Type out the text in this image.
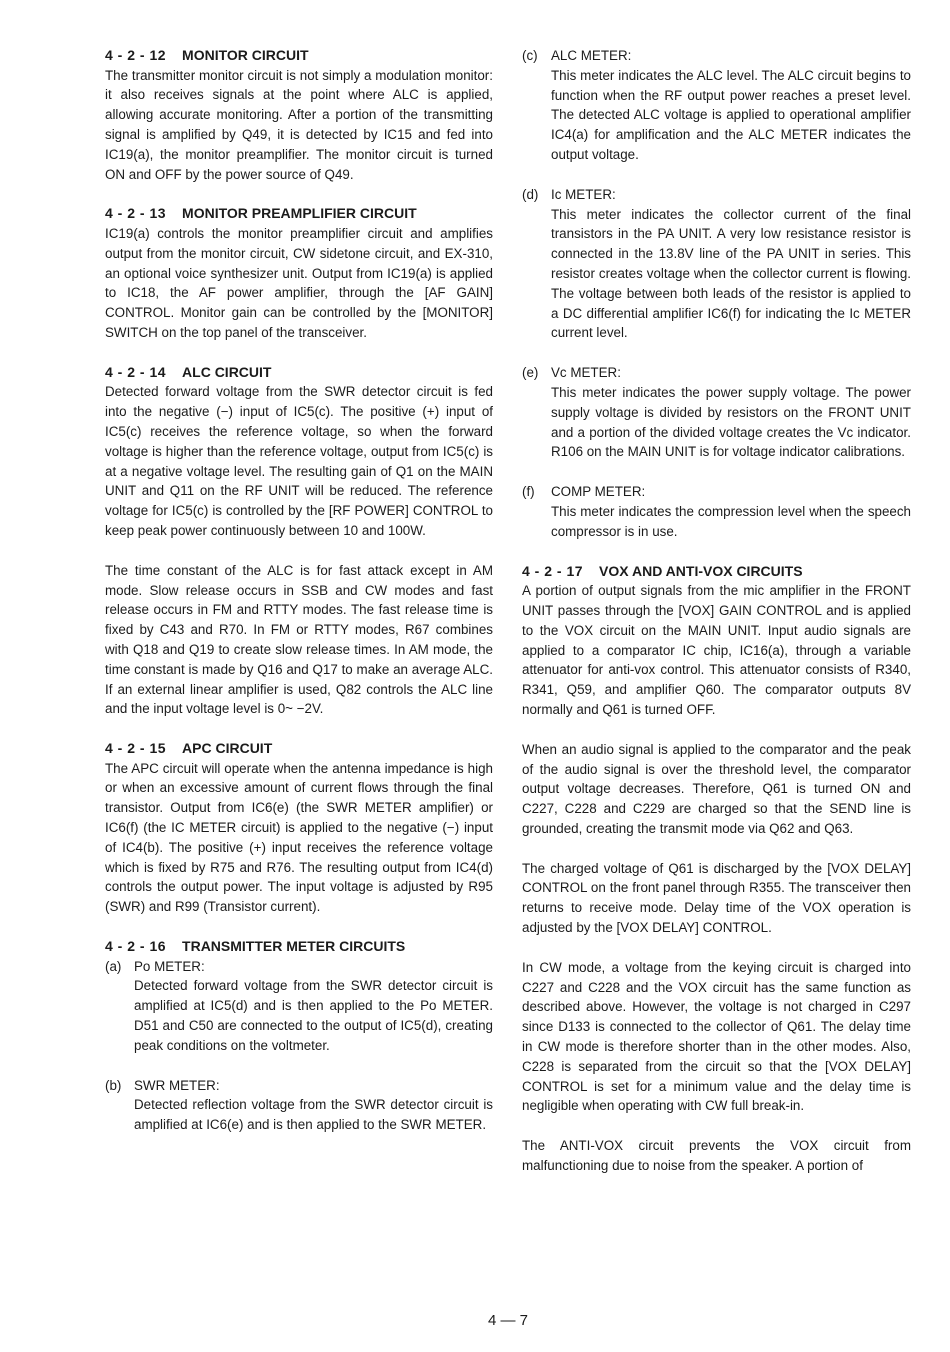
4 - 2 - 12 MONITOR CIRCUIT

The transmitter monitor circuit is not simply a modulation monitor: it also receives signals at the point where ALC is applied, allowing accurate monitoring. After a portion of the transmitting signal is amplified by Q49, it is detected by IC15 and fed into IC19(a), the monitor preamplifier. The monitor circuit is turned ON and OFF by the power source of Q49.

4 - 2 - 13 MONITOR PREAMPLIFIER CIRCUIT

IC19(a) controls the monitor preamplifier circuit and amplifies output from the monitor circuit, CW sidetone circuit, and EX-310, an optional voice synthesizer unit. Output from IC19(a) is applied to IC18, the AF power amplifier, through the [AF GAIN] CONTROL. Monitor gain can be controlled by the [MONITOR] SWITCH on the top panel of the transceiver.

4 - 2 - 14 ALC CIRCUIT

Detected forward voltage from the SWR detector circuit is fed into the negative (−) input of IC5(c). The positive (+) input of IC5(c) receives the reference voltage, so when the forward voltage is higher than the reference voltage, output from IC5(c) is at a negative voltage level. The resulting gain of Q1 on the MAIN UNIT and Q11 on the RF UNIT will be reduced. The reference voltage for IC5(c) is controlled by the [RF POWER] CONTROL to keep peak power continuously between 10 and 100W.

The time constant of the ALC is for fast attack except in AM mode. Slow release occurs in SSB and CW modes and fast release occurs in FM and RTTY modes. The fast release time is fixed by C43 and R70. In FM or RTTY modes, R67 combines with Q18 and Q19 to create slow release times. In AM mode, the time constant is made by Q16 and Q17 to make an average ALC. If an external linear amplifier is used, Q82 controls the ALC line and the input voltage level is 0~ −2V.

4 - 2 - 15 APC CIRCUIT

The APC circuit will operate when the antenna impedance is high or when an excessive amount of current flows through the final transistor. Output from IC6(e) (the SWR METER amplifier) or IC6(f) (the IC METER circuit) is applied to the negative (−) input of IC4(b). The positive (+) input receives the reference voltage which is fixed by R75 and R76. The resulting output from IC4(d) controls the output power. The input voltage is adjusted by R95 (SWR) and R99 (Transistor current).

4 - 2 - 16 TRANSMITTER METER CIRCUITS

(a) Po METER:

Detected forward voltage from the SWR detector circuit is amplified at IC5(d) and is then applied to the Po METER. D51 and C50 are connected to the output of IC5(d), creating peak conditions on the voltmeter.

(b) SWR METER:

Detected reflection voltage from the SWR detector circuit is amplified at IC6(e) and is then applied to the SWR METER.

(c) ALC METER:

This meter indicates the ALC level. The ALC circuit begins to function when the RF output power reaches a preset level. The detected ALC voltage is applied to operational amplifier IC4(a) for amplification and the ALC METER indicates the output voltage.

(d) Ic METER:

This meter indicates the collector current of the final transistors in the PA UNIT. A very low resistance resistor is connected in the 13.8V line of the PA UNIT in series. This resistor creates voltage when the collector current is flowing. The voltage between both leads of the resistor is applied to a DC differential amplifier IC6(f) for indicating the Ic METER current level.

(e) Vc METER:

This meter indicates the power supply voltage. The power supply voltage is divided by resistors on the FRONT UNIT and a portion of the divided voltage creates the Vc indicator. R106 on the MAIN UNIT is for voltage indicator calibrations.

(f)	COMP METER:

This meter indicates the compression level when the speech compressor is in use.

4 - 2 - 17 VOX AND ANTI-VOX CIRCUITS

A portion of output signals from the mic amplifier in the FRONT UNIT passes through the [VOX] GAIN CONTROL and is applied to the VOX circuit on the MAIN UNIT. Input audio signals are applied to a comparator IC chip, IC16(a), through a variable attenuator for anti-vox control. This attenuator consists of R340, R341, Q59, and amplifier Q60. The comparator outputs 8V normally and Q61 is turned OFF.

When an audio signal is applied to the comparator and the peak of the audio signal is over the threshold level, the comparator output voltage decreases. Therefore, Q61 is turned ON and C227, C228 and C229 are charged so that the SEND line is grounded, creating the transmit mode via Q62 and Q63.

The charged voltage of Q61 is discharged by the [VOX DELAY] CONTROL on the front panel through R355. The transceiver then returns to receive mode. Delay time of the VOX operation is adjusted by the [VOX DELAY] CONTROL.

In CW mode, a voltage from the keying circuit is charged into C227 and C228 and the VOX circuit has the same function as described above. However, the voltage is not charged in C297 since D133 is connected to the collector of Q61. The delay time in CW mode is therefore shorter than in the other modes. Also, C228 is separated from the circuit so that the [VOX DELAY] CONTROL is set for a minimum value and the delay time is negligible when operating with CW full break-in.

The ANTI-VOX circuit prevents the VOX circuit from malfunctioning due to noise from the speaker. A portion of

4 — 7
